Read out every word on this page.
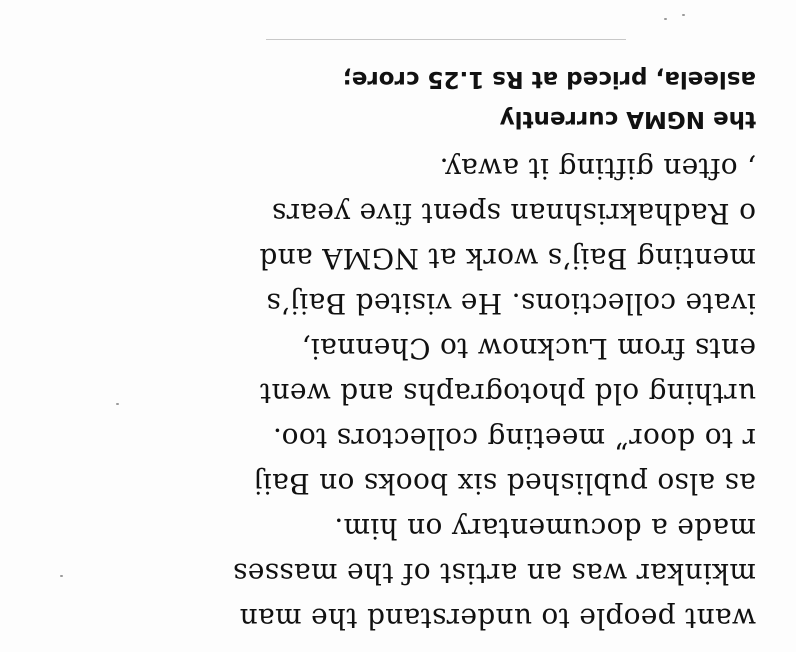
want people to understand the man

mkinkar was an artist of the masses

made a documentary on him.

as also published six books on Baij

r to door” meeting collectors too.

urthing old photographs and went

ents from Lucknow to Chennai,

ivate collections. He visited Baij’s

menting Baij’s work at NGMA and

o Radhakrishnan spent five years

, often gifting it away.

the NGMA currently

asleela, priced at Rs 1.25 crore;
